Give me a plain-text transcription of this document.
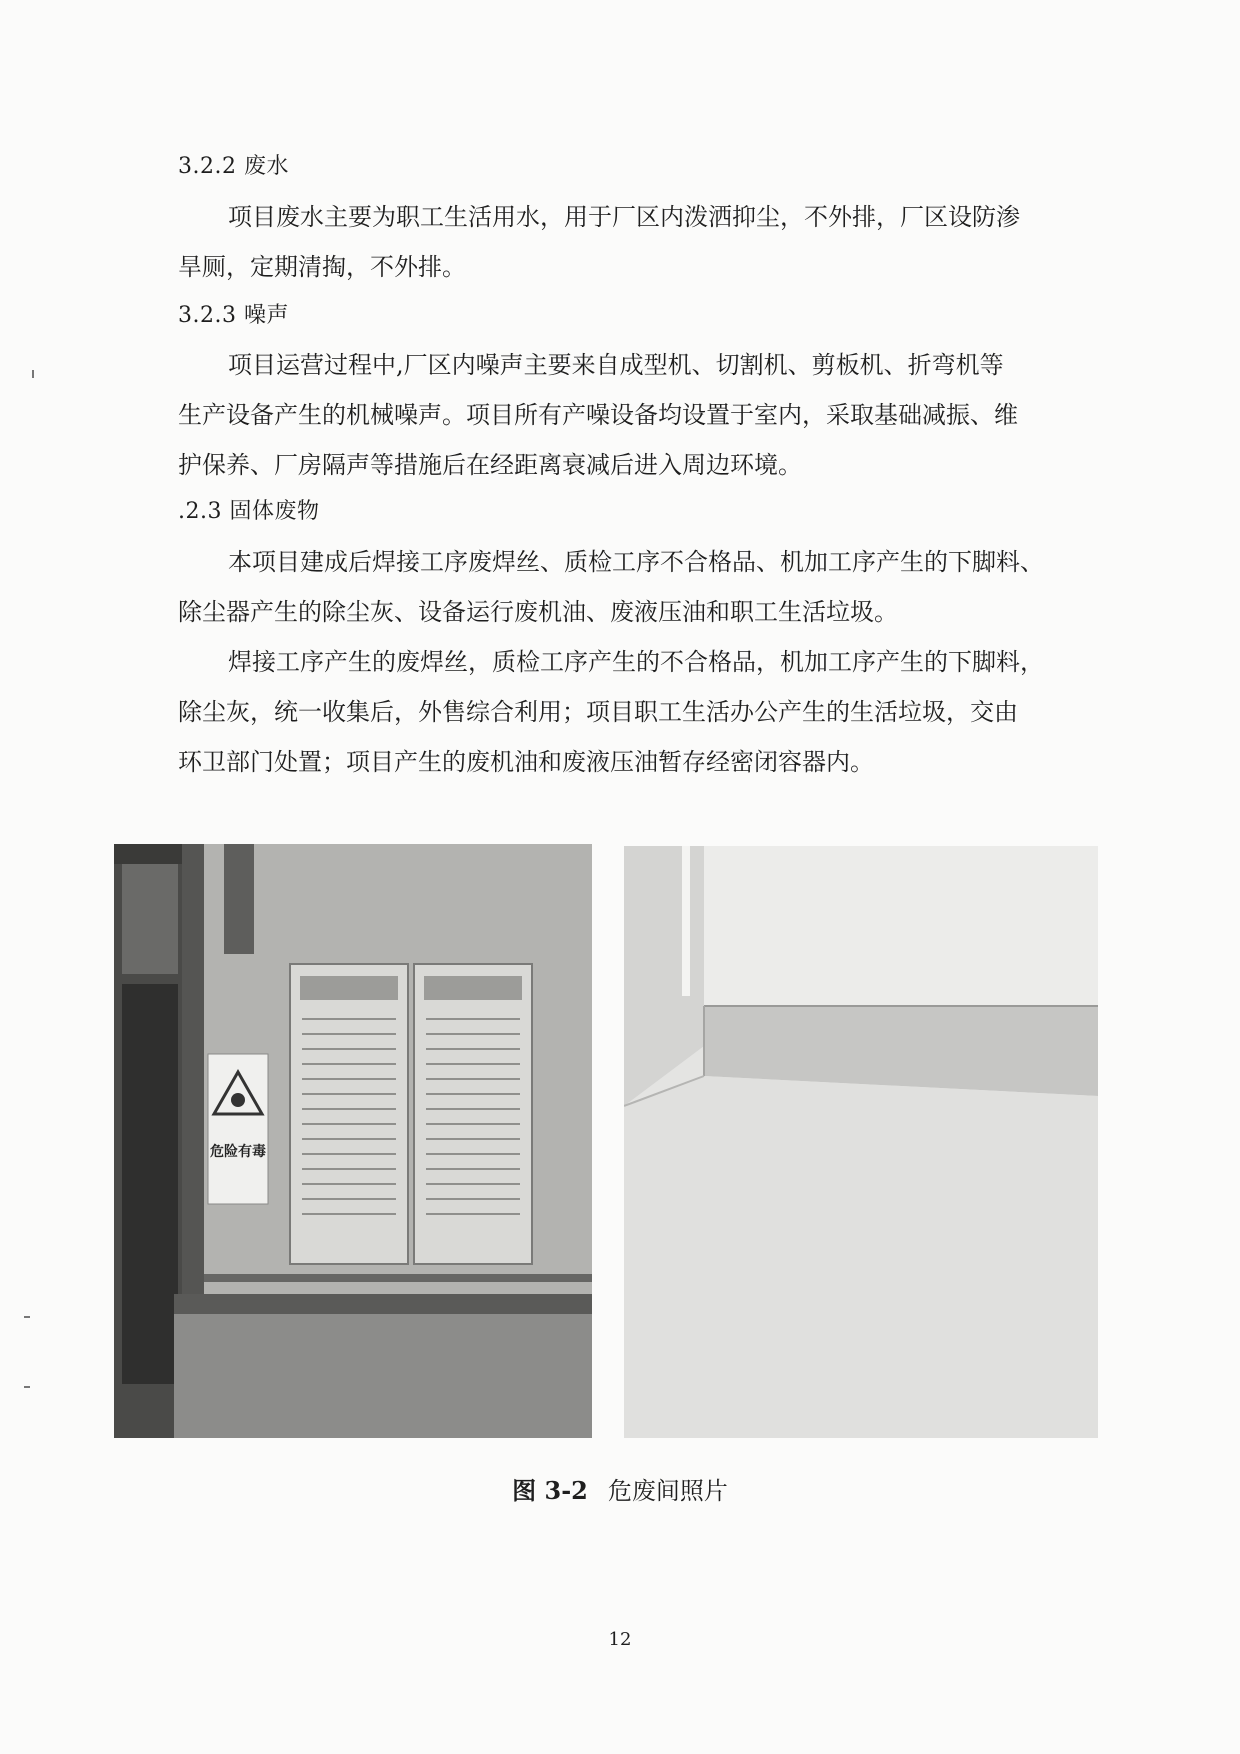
3.2.2 废水
项目废水主要为职工生活用水，用于厂区内泼洒抑尘，不外排，厂区设防渗
旱厕，定期清掏，不外排。
3.2.3 噪声
项目运营过程中,厂区内噪声主要来自成型机、切割机、剪板机、折弯机等
生产设备产生的机械噪声。项目所有产噪设备均设置于室内，采取基础减振、维
护保养、厂房隔声等措施后在经距离衰减后进入周边环境。
.2.3 固体废物
本项目建成后焊接工序废焊丝、质检工序不合格品、机加工序产生的下脚料、
除尘器产生的除尘灰、设备运行废机油、废液压油和职工生活垃圾。
焊接工序产生的废焊丝，质检工序产生的不合格品，机加工序产生的下脚料，
除尘灰，统一收集后，外售综合利用；项目职工生活办公产生的生活垃圾，交由
环卫部门处置；项目产生的废机油和废液压油暂存经密闭容器内。
危险有毒
图 3-2 危废间照片
12
